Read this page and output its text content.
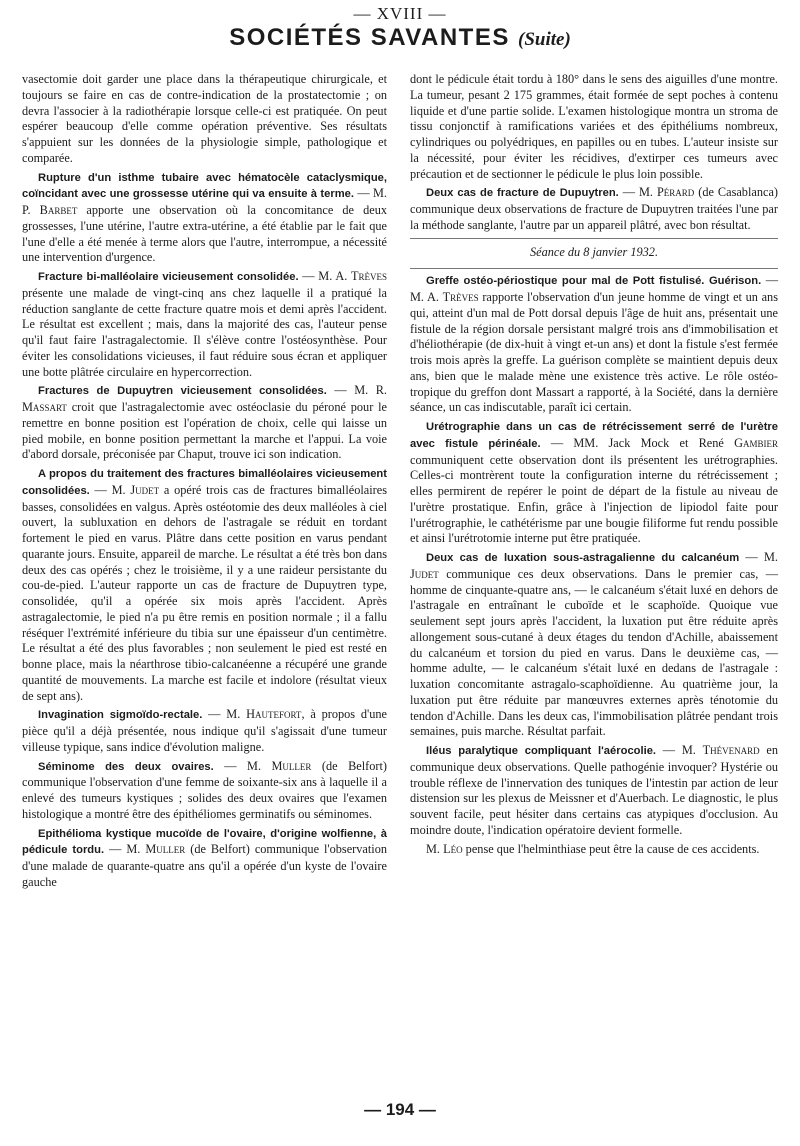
— XVIII —
SOCIÉTÉS SAVANTES (Suite)

vasectomie doit garder une place dans la thérapeutique chirurgicale, et toujours se faire en cas de contre-indication de la prostatectomie ; on devra l'associer à la radiothérapie lorsque celle-ci est pratiquée. On peut espérer beaucoup d'elle comme opération préventive. Ses résultats s'appuient sur les données de la physiologie simple, pathologique et comparée.

Rupture d'un isthme tubaire avec hématocèle cataclysmique, coïncidant avec une grossesse utérine qui va ensuite à terme. — M. P. Barbet apporte une observation où la concomitance de deux grossesses, l'une utérine, l'autre extra-utérine, a été établie par le fait que l'une d'elle a été menée à terme alors que l'autre, interrompue, a nécessité une intervention d'urgence.

Fracture bi-malléolaire vicieusement consolidée. — M. A. Trèves présente une malade de vingt-cinq ans chez laquelle il a pratiqué la réduction sanglante de cette fracture quatre mois et demi après l'accident. Le résultat est excellent ; mais, dans la majorité des cas, l'auteur pense qu'il faut faire l'astragalectomie. Il s'élève contre l'ostéosynthèse. Pour éviter les consolidations vicieuses, il faut réduire sous écran et appliquer une botte plâtrée circulaire en hypercorrection.

Fractures de Dupuytren vicieusement consolidées. — M. R. Massart croit que l'astragalectomie avec ostéoclasie du péroné pour le remettre en bonne position est l'opération de choix, celle qui laisse un pied mobile, en bonne position permettant la marche et l'appui. La voie d'abord dorsale, préconisée par Chaput, trouve ici son indication.

A propos du traitement des fractures bimalléolaires vicieusement consolidées. — M. Judet a opéré trois cas de fractures bimalléolaires basses, consolidées en valgus. Après ostéotomie des deux malléoles à ciel ouvert, la subluxation en dehors de l'astragale se réduit en tordant fortement le pied en varus. Plâtre dans cette position en varus pendant quarante jours. Ensuite, appareil de marche. Le résultat a été très bon dans deux des cas opérés ; chez le troisième, il y a une raideur persistante du cou-de-pied. L'auteur rapporte un cas de fracture de Dupuytren type, consolidée, qu'il a opérée six mois après l'accident. Après astragalectomie, le pied n'a pu être remis en position normale ; il a fallu réséquer l'extrémité inférieure du tibia sur une épaisseur d'un centimètre. Le résultat a été des plus favorables ; non seulement le pied est resté en bonne place, mais la néarthrose tibio-calcanéenne a récupéré une grande quantité de mouvements. La marche est facile et indolore (résultat vieux de sept ans).

Invagination sigmoïdo-rectale. — M. Hautefort, à propos d'une pièce qu'il a déjà présentée, nous indique qu'il s'agissait d'une tumeur villeuse typique, sans indice d'évolution maligne.

Séminome des deux ovaires. — M. Muller (de Belfort) communique l'observation d'une femme de soixante-six ans à laquelle il a enlevé des tumeurs kystiques ; solides des deux ovaires que l'examen histologique a montré être des épithéliomes germinatifs ou séminomes.

Epithélioma kystique mucoïde de l'ovaire, d'origine wolfienne, à pédicule tordu. — M. Muller (de Belfort) communique l'observation d'une malade de quarante-quatre ans qu'il a opérée d'un kyste de l'ovaire gauche

dont le pédicule était tordu à 180° dans le sens des aiguilles d'une montre. La tumeur, pesant 2 175 grammes, était formée de sept poches à contenu liquide et d'une partie solide. L'examen histologique montra un stroma de tissu conjonctif à ramifications variées et des épithéliums nombreux, cylindriques ou polyédriques, en papilles ou en tubes. L'auteur insiste sur la nécessité, pour éviter les récidives, d'extirper ces tumeurs avec précaution et de sectionner le pédicule le plus loin possible.

Deux cas de fracture de Dupuytren. — M. Pérard (de Casablanca) communique deux observations de fracture de Dupuytren traitées l'une par la méthode sanglante, l'autre par un appareil plâtré, avec bon résultat.

Séance du 8 janvier 1932.

Greffe ostéo-périostique pour mal de Pott fistulisé. Guérison. — M. A. Trèves rapporte l'observation d'un jeune homme de vingt et un ans qui, atteint d'un mal de Pott dorsal depuis l'âge de huit ans, présentait une fistule de la région dorsale persistant malgré trois ans d'immobilisation et d'héliothérapie (de dix-huit à vingt et-un ans) et dont la fistule s'est fermée trois mois après la greffe. La guérison complète se maintient depuis deux ans, bien que le malade mène une existence très active. Le rôle ostéo-tropique du greffon dont Massart a rapporté, à la Société, dans la dernière séance, un cas indiscutable, paraît ici certain.

Urétrographie dans un cas de rétrécissement serré de l'urètre avec fistule périnéale. — MM. Jack Mock et René Gambier communiquent cette observation dont ils présentent les urétrographies. Celles-ci montrèrent toute la configuration interne du rétrécissement ; elles permirent de repérer le point de départ de la fistule au niveau de l'urètre prostatique. Enfin, grâce à l'injection de lipiodol faite pour l'urétrographie, le cathétérisme par une bougie filiforme fut rendu possible et ainsi l'urétrotomie interne put être pratiquée.

Deux cas de luxation sous-astragalienne du calcanéum — M. Judet communique ces deux observations. Dans le premier cas, — homme de cinquante-quatre ans, — le calcanéum s'était luxé en dehors de l'astragale en entraînant le cuboïde et le scaphoïde. Quoique vue seulement sept jours après l'accident, la luxation put être réduite après allongement sous-cutané à deux étages du tendon d'Achille, abaissement du calcanéum et torsion du pied en varus. Dans le deuxième cas, — homme adulte, — le calcanéum s'était luxé en dedans de l'astragale : luxation concomitante astragalo-scaphoïdienne. Au quatrième jour, la luxation put être réduite par manœuvres externes après ténotomie du tendon d'Achille. Dans les deux cas, l'immobilisation plâtrée pendant trois semaines, puis marche. Résultat parfait.

Iléus paralytique compliquant l'aérocolie. — M. Thévenard en communique deux observations. Quelle pathogénie invoquer? Hystérie ou trouble réflexe de l'innervation des tuniques de l'intestin par action de leur distension sur les plexus de Meissner et d'Auerbach. Le diagnostic, le plus souvent facile, peut hésiter dans certains cas atypiques d'occlusion. Au moindre doute, l'indication opératoire devient formelle.

M. Léo pense que l'helminthiase peut être la cause de ces accidents.

— 194 —
